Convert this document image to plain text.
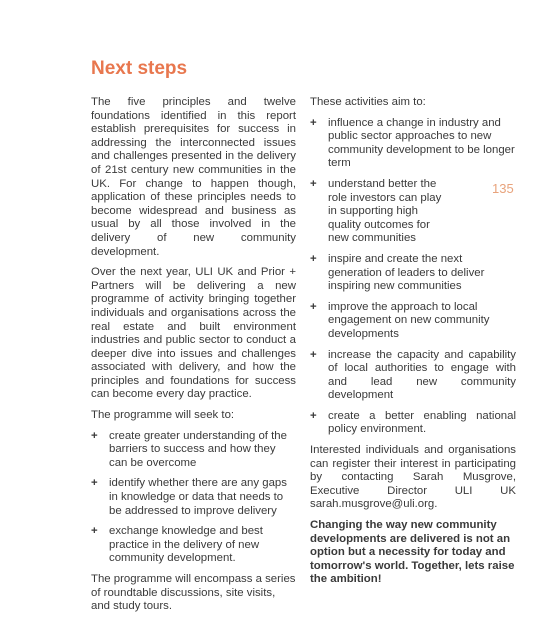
Next steps

The five principles and twelve foundations identified in this report establish prerequisites for success in addressing the interconnected issues and challenges presented in the delivery of 21st century new communities in the UK. For change to happen though, application of these principles needs to become widespread and business as usual by all those involved in the delivery of new community development.

Over the next year, ULI UK and Prior + Partners will be delivering a new programme of activity bringing together individuals and organisations across the real estate and built environment industries and public sector to conduct a deeper dive into issues and challenges associated with delivery, and how the principles and foundations for success can become every day practice.

The programme will seek to:

+ create greater understanding of the barriers to success and how they can be overcome
+ identify whether there are any gaps in knowledge or data that needs to be addressed to improve delivery
+ exchange knowledge and best practice in the delivery of new community development.

The programme will encompass a series of roundtable discussions, site visits, and study tours.

These activities aim to:

+ influence a change in industry and public sector approaches to new community development to be longer term
+ understand better the role investors can play in supporting high quality outcomes for new communities
+ inspire and create the next generation of leaders to deliver inspiring new communities
+ improve the approach to local engagement on new community developments
+ increase the capacity and capability of local authorities to engage with and lead new community development
+ create a better enabling national policy environment.

Interested individuals and organisations can register their interest in participating by contacting Sarah Musgrove, Executive Director ULI UK sarah.musgrove@uli.org.

Changing the way new community developments are delivered is not an option but a necessity for today and tomorrow's world. Together, lets raise the ambition!

135
